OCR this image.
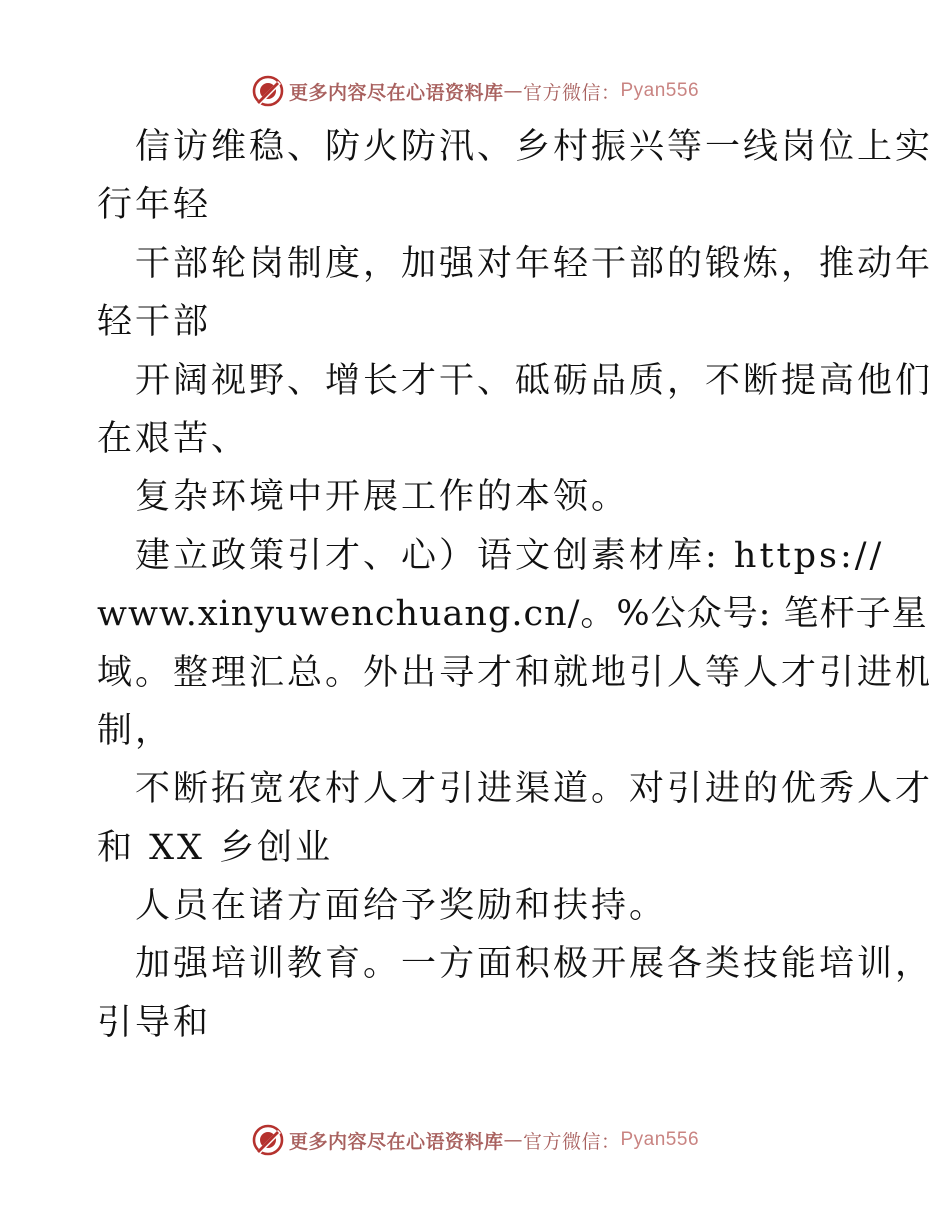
更多内容尽在心语资料库 — 官方微信： Pyan556
信访维稳、防火防汛、乡村振兴等一线岗位上实
行年轻
干部轮岗制度，加强对年轻干部的锻炼，推动年
轻干部
开阔视野、增长才干、砥砺品质，不断提高他们
在艰苦、
复杂环境中开展工作的本领。
建立政策引才、心）语文创素材库: https://
www.xinyuwenchuang.cn/。%公众号: 笔杆子星
域。整理汇总。外出寻才和就地引人等人才引进机
制，
不断拓宽农村人才引进渠道。对引进的优秀人才
和 XX 乡创业
人员在诸方面给予奖励和扶持。
加强培训教育。一方面积极开展各类技能培训，
引导和
更多内容尽在心语资料库 — 官方微信： Pyan556
